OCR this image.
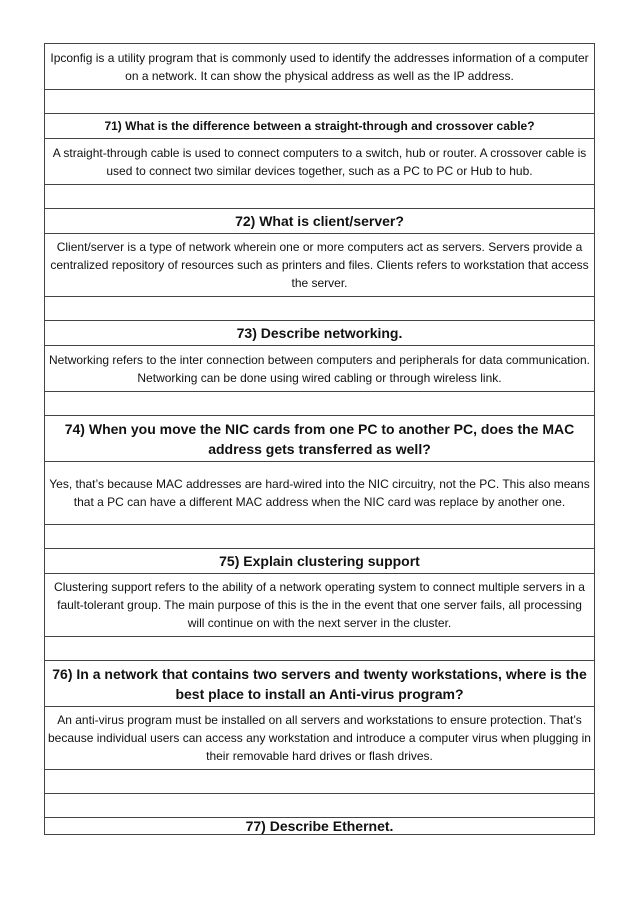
Ipconfig is a utility program that is commonly used to identify the addresses information of a computer on a network. It can show the physical address as well as the IP address.

71) What is the difference between a straight-through and crossover cable?
A straight-through cable is used to connect computers to a switch, hub or router. A crossover cable is used to connect two similar devices together, such as a PC to PC or Hub to hub.

72) What is client/server?
Client/server is a type of network wherein one or more computers act as servers. Servers provide a centralized repository of resources such as printers and files. Clients refers to workstation that access the server.

73) Describe networking.
Networking refers to the inter connection between computers and peripherals for data communication. Networking can be done using wired cabling or through wireless link.

74) When you move the NIC cards from one PC to another PC, does the MAC address gets transferred as well?
Yes, that’s because MAC addresses are hard-wired into the NIC circuitry, not the PC. This also means that a PC can have a different MAC address when the NIC card was replace by another one.

75) Explain clustering support
Clustering support refers to the ability of a network operating system to connect multiple servers in a fault-tolerant group. The main purpose of this is the in the event that one server fails, all processing will continue on with the next server in the cluster.

76) In a network that contains two servers and twenty workstations, where is the best place to install an Anti-virus program?
An anti-virus program must be installed on all servers and workstations to ensure protection. That’s because individual users can access any workstation and introduce a computer virus when plugging in their removable hard drives or flash drives.

77) Describe Ethernet.
